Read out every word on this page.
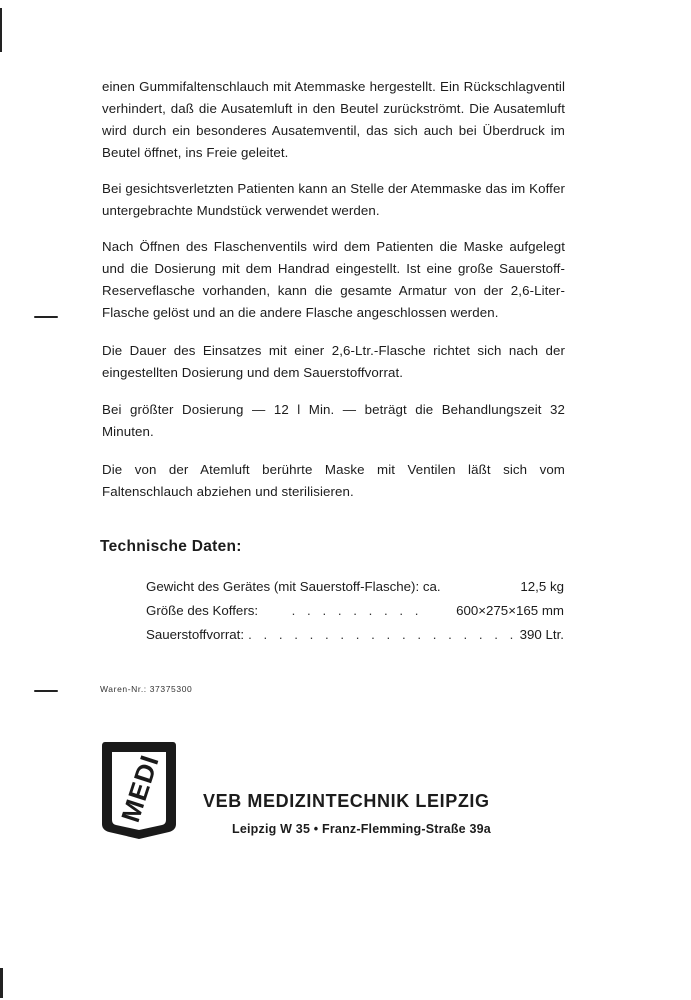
einen Gummifaltenschlauch mit Atemmaske hergestellt. Ein Rückschlagventil verhindert, daß die Ausatemluft in den Beutel zurückströmt. Die Ausatemluft wird durch ein besonderes Ausatemventil, das sich auch bei Überdruck im Beutel öffnet, ins Freie geleitet.

Bei gesichtsverletzten Patienten kann an Stelle der Atemmaske das im Koffer untergebrachte Mundstück verwendet werden.

Nach Öffnen des Flaschenventils wird dem Patienten die Maske aufgelegt und die Dosierung mit dem Handrad eingestellt. Ist eine große Sauerstoff-Reserveflasche vorhanden, kann die gesamte Armatur von der 2,6-Liter-Flasche gelöst und an die andere Flasche angeschlossen werden.

Die Dauer des Einsatzes mit einer 2,6-Ltr.-Flasche richtet sich nach der eingestellten Dosierung und dem Sauerstoffvorrat.

Bei größter Dosierung — 12 l Min. — beträgt die Behandlungszeit 32 Minuten.

Die von der Atemluft berührte Maske mit Ventilen läßt sich vom Faltenschlauch abziehen und sterilisieren.

Technische Daten:
Gewicht des Gerätes (mit Sauerstoff-Flasche): ca.	12,5 kg
Größe des Koffers:	. . . . . . . . .	600×275×165 mm
Sauerstoffvorrat: . . . . . . . . . . . . . . . . . . 390 Ltr.
Waren-Nr.: 37375300
MEDI VEB MEDIZINTECHNIK LEIPZIG

Leipzig W 35 • Franz-Flemming-Straße 39a
